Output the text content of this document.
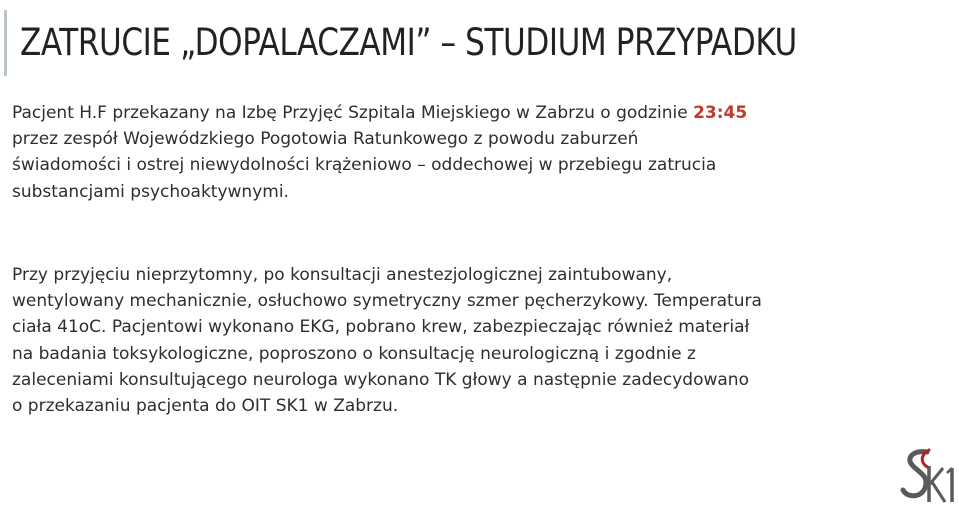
ZATRUCIE „DOPALACZAMI” – STUDIUM PRZYPADKU

Pacjent H.F przekazany na Izbę Przyjęć Szpitala Miejskiego w Zabrzu o godzinie 23:45
przez zespół Wojewódzkiego Pogotowia Ratunkowego z powodu zaburzeń
świadomości i ostrej niewydolności krążeniowo – oddechowej w przebiegu zatrucia
substancjami psychoaktywnymi.

Przy przyjęciu nieprzytomny, po konsultacji anestezjologicznej zaintubowany,
wentylowany mechanicznie, osłuchowo symetryczny szmer pęcherzykowy. Temperatura
ciała 41oC. Pacjentowi wykonano EKG, pobrano krew, zabezpieczając również materiał
na badania toksykologiczne, poproszono o konsultację neurologiczną i zgodnie z
zaleceniami konsultującego neurologa wykonano TK głowy a następnie zadecydowano
o przekazaniu pacjenta do OIT SK1 w Zabrzu.
